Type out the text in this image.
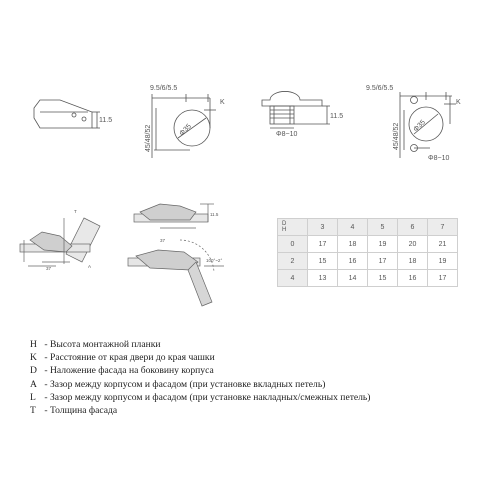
11.5
9.5/6/5.5
K
45/48/52	Φ35
11.5
Φ8~10
9.5/6/5.5
K
45/48/52 Φ35
Φ8~10
T
A
37
11.5
37
100°~2°
D
H	3	4	5	6	7
0	17	18	19	20	21
2	15	16	17	18	19
4	13	14	15	16	17
H - Высота монтажной планки
K - Расстояние от края двери до края чашки
D - Наложение фасада на боковину корпуса
A - Зазор между корпусом и фасадом (при установке вкладных петель)
L - Зазор между корпусом и фасадом (при установке накладных/смежных петель)
T - Толщина фасада
